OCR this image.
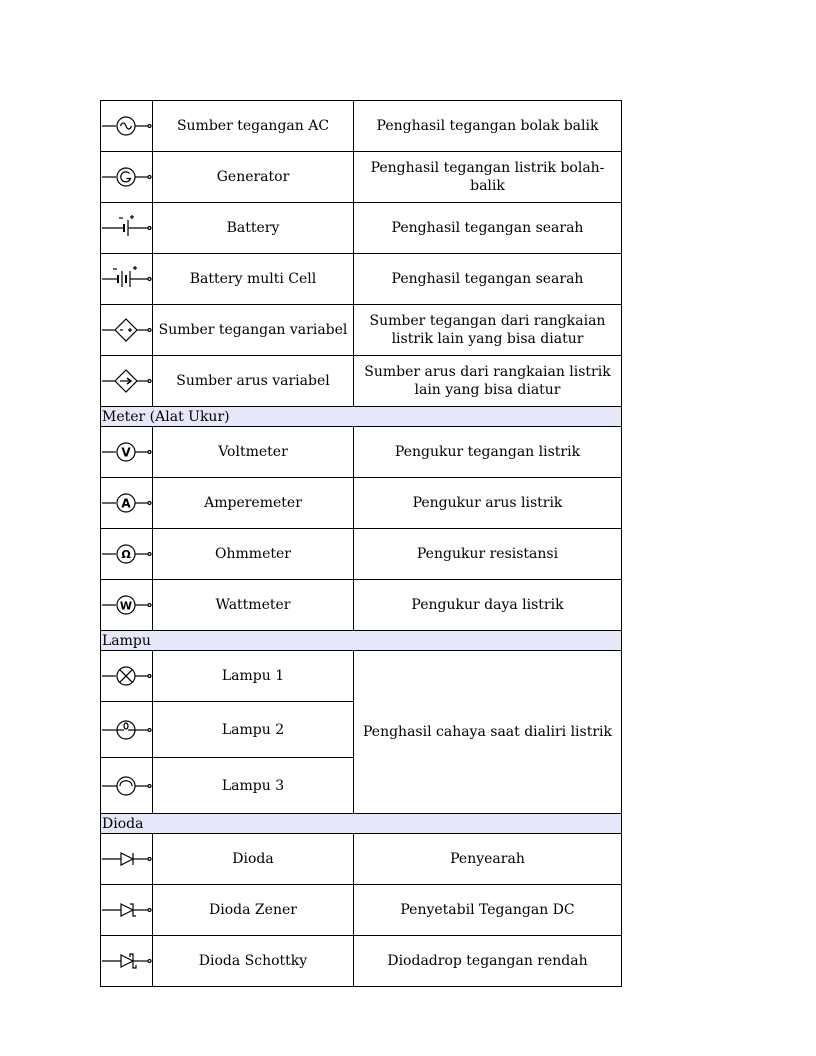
	Sumber tegangan AC	Penghasil tegangan bolak balik

	Generator	Penghasil tegangan listrik bolah-balik

	Battery	Penghasil tegangan searah

	Battery multi Cell	Penghasil tegangan searah

	Sumber tegangan variabel	Sumber tegangan dari rangkaian listrik lain yang bisa diatur

	Sumber arus variabel	Sumber arus dari rangkaian listrik lain yang bisa diatur
Meter (Alat Ukur)		

V	Voltmeter	Pengukur tegangan listrik

A	Amperemeter	Pengukur arus listrik

Ω	Ohmmeter	Pengukur resistansi

W	Wattmeter	Pengukur daya listrik
Lampu		

	Lampu 1	Penghasil cahaya saat dialiri listrik

	Lampu 2	

	Lampu 3	
Dioda		

	Dioda	Penyearah

	Dioda Zener	Penyetabil Tegangan DC

	Dioda Schottky	Diodadrop tegangan rendah
